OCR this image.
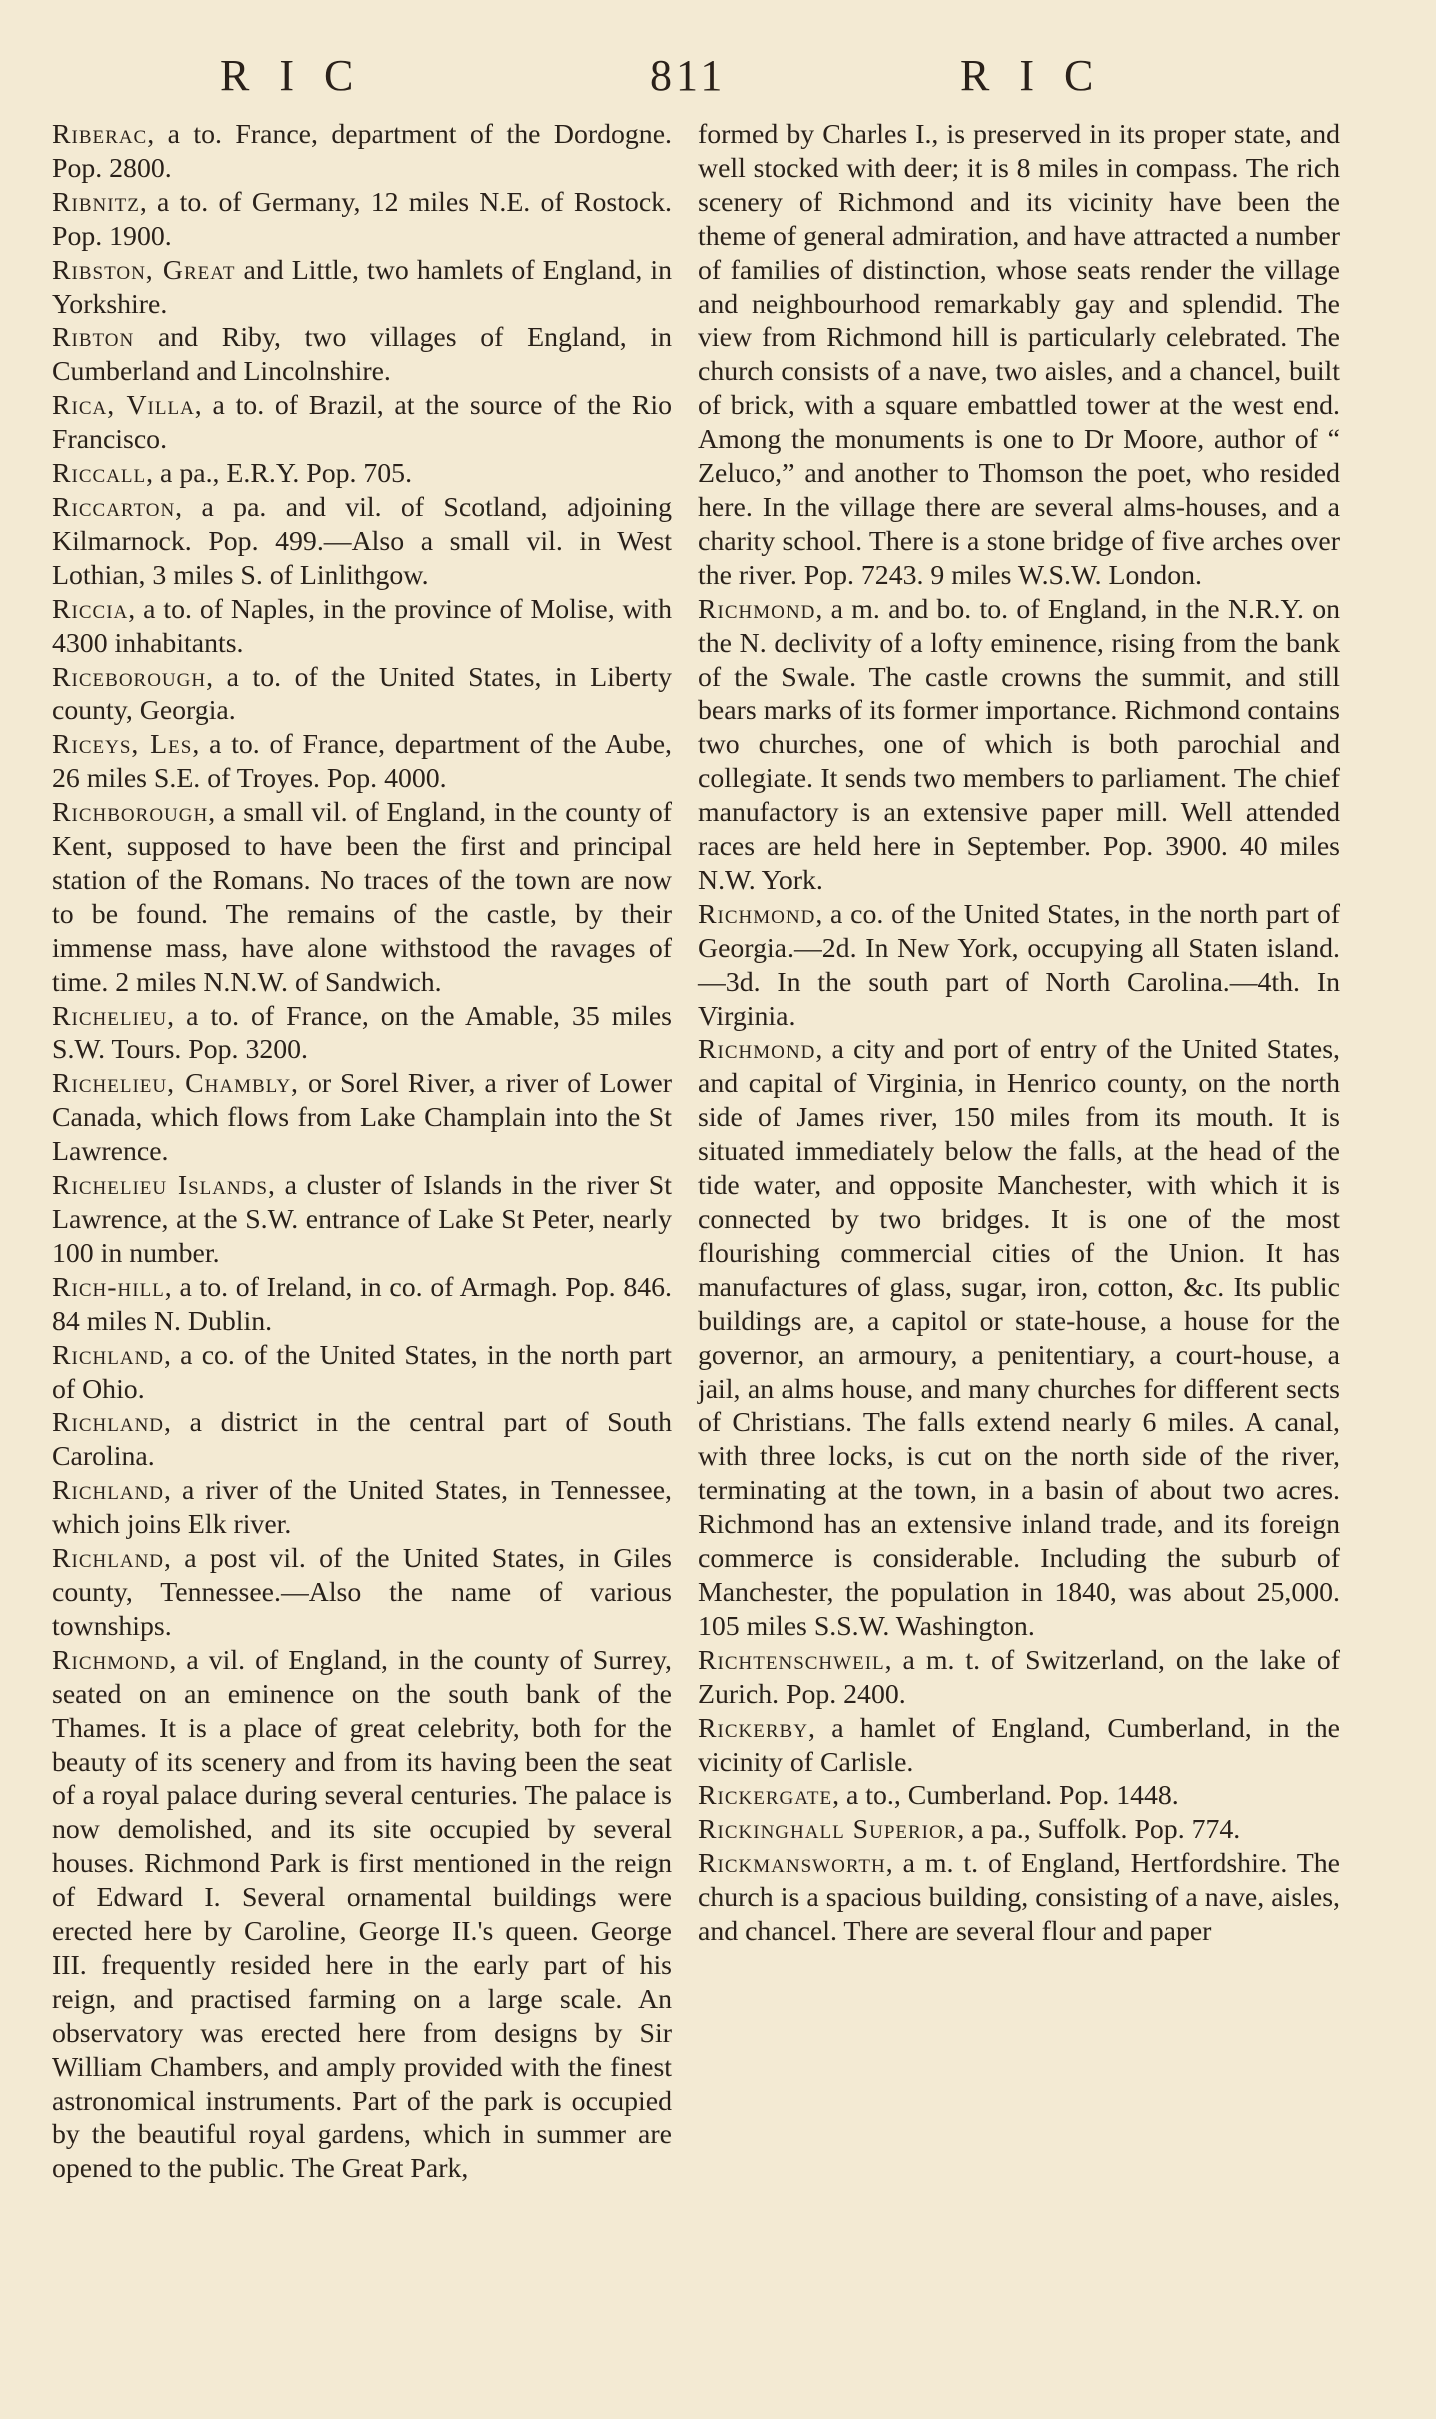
RIC	811	RIC

Riberac, a to. France, department of the Dordogne. Pop. 2800.

Ribnitz, a to. of Germany, 12 miles N.E. of Rostock. Pop. 1900.

Ribston, Great and Little, two hamlets of England, in Yorkshire.

Ribton and Riby, two villages of England, in Cumberland and Lincolnshire.

Rica, Villa, a to. of Brazil, at the source of the Rio Francisco.

Riccall, a pa., E.R.Y. Pop. 705.

Riccarton, a pa. and vil. of Scotland, adjoining Kilmarnock. Pop. 499.—Also a small vil. in West Lothian, 3 miles S. of Linlithgow.

Riccia, a to. of Naples, in the province of Molise, with 4300 inhabitants.

Riceborough, a to. of the United States, in Liberty county, Georgia.

Riceys, Les, a to. of France, department of the Aube, 26 miles S.E. of Troyes. Pop. 4000.

Richborough, a small vil. of England, in the county of Kent, supposed to have been the first and principal station of the Romans. No traces of the town are now to be found. The remains of the castle, by their immense mass, have alone withstood the ravages of time. 2 miles N.N.W. of Sandwich.

Richelieu, a to. of France, on the Amable, 35 miles S.W. Tours. Pop. 3200.

Richelieu, Chambly, or Sorel River, a river of Lower Canada, which flows from Lake Champlain into the St Lawrence.

Richelieu Islands, a cluster of Islands in the river St Lawrence, at the S.W. entrance of Lake St Peter, nearly 100 in number.

Rich-hill, a to. of Ireland, in co. of Armagh. Pop. 846. 84 miles N. Dublin.

Richland, a co. of the United States, in the north part of Ohio.

Richland, a district in the central part of South Carolina.

Richland, a river of the United States, in Tennessee, which joins Elk river.

Richland, a post vil. of the United States, in Giles county, Tennessee.—Also the name of various townships.

Richmond, a vil. of England, in the county of Surrey, seated on an eminence on the south bank of the Thames. It is a place of great celebrity, both for the beauty of its scenery and from its having been the seat of a royal palace during several centuries. The palace is now demolished, and its site occupied by several houses. Richmond Park is first mentioned in the reign of Edward I. Several ornamental buildings were erected here by Caroline, George II.'s queen. George III. frequently resided here in the early part of his reign, and practised farming on a large scale. An observatory was erected here from designs by Sir William Chambers, and amply provided with the finest astronomical instruments. Part of the park is occupied by the beautiful royal gardens, which in summer are opened to the public. The Great Park,

formed by Charles I., is preserved in its proper state, and well stocked with deer; it is 8 miles in compass. The rich scenery of Richmond and its vicinity have been the theme of general admiration, and have attracted a number of families of distinction, whose seats render the village and neighbourhood remarkably gay and splendid. The view from Richmond hill is particularly celebrated. The church consists of a nave, two aisles, and a chancel, built of brick, with a square embattled tower at the west end. Among the monuments is one to Dr Moore, author of “ Zeluco,” and another to Thomson the poet, who resided here. In the village there are several alms-houses, and a charity school. There is a stone bridge of five arches over the river. Pop. 7243. 9 miles W.S.W. London.

Richmond, a m. and bo. to. of England, in the N.R.Y. on the N. declivity of a lofty eminence, rising from the bank of the Swale. The castle crowns the summit, and still bears marks of its former importance. Richmond contains two churches, one of which is both parochial and collegiate. It sends two members to parliament. The chief manufactory is an extensive paper mill. Well attended races are held here in September. Pop. 3900. 40 miles N.W. York.

Richmond, a co. of the United States, in the north part of Georgia.—2d. In New York, occupying all Staten island.—3d. In the south part of North Carolina.—4th. In Virginia.

Richmond, a city and port of entry of the United States, and capital of Virginia, in Henrico county, on the north side of James river, 150 miles from its mouth. It is situated immediately below the falls, at the head of the tide water, and opposite Manchester, with which it is connected by two bridges. It is one of the most flourishing commercial cities of the Union. It has manufactures of glass, sugar, iron, cotton, &c. Its public buildings are, a capitol or state-house, a house for the governor, an armoury, a penitentiary, a court-house, a jail, an alms house, and many churches for different sects of Christians. The falls extend nearly 6 miles. A canal, with three locks, is cut on the north side of the river, terminating at the town, in a basin of about two acres. Richmond has an extensive inland trade, and its foreign commerce is considerable. Including the suburb of Manchester, the population in 1840, was about 25,000. 105 miles S.S.W. Washington.

Richtenschweil, a m. t. of Switzerland, on the lake of Zurich. Pop. 2400.

Rickerby, a hamlet of England, Cumberland, in the vicinity of Carlisle.

Rickergate, a to., Cumberland. Pop. 1448.

Rickinghall Superior, a pa., Suffolk. Pop. 774.

Rickmansworth, a m. t. of England, Hertfordshire. The church is a spacious building, consisting of a nave, aisles, and chancel. There are several flour and paper
